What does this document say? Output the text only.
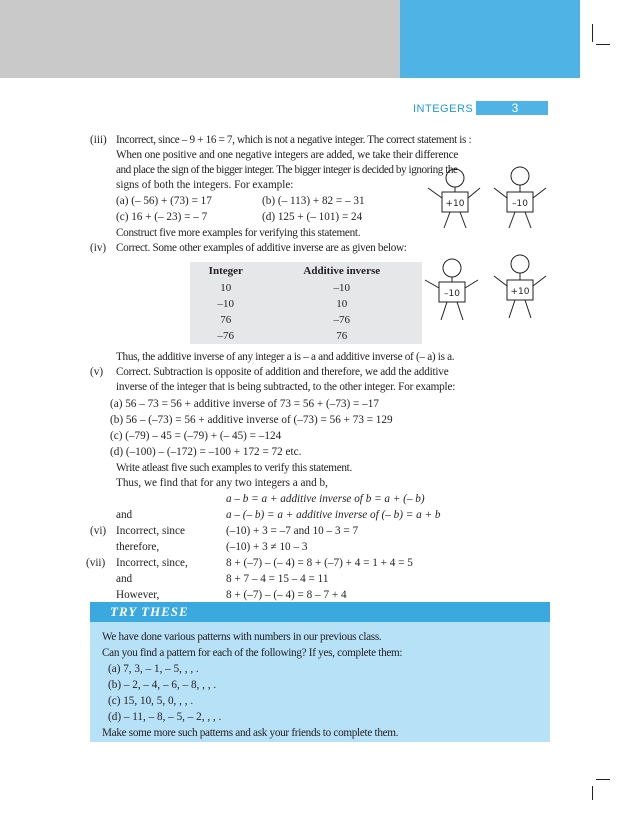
INTEGERS	3
(iii) Incorrect, since – 9 + 16 = 7, which is not a negative integer. The correct statement is :
When one positive and one negative integers are added, we take their difference
and place the sign of the bigger integer. The bigger integer is decided by ignoring the
signs of both the integers. For example:
(a) (– 56) + (73) = 17	(b) (– 113) + 82 = – 31
(c) 16 + (– 23) = – 7	(d) 125 + (– 101) = 24
Construct five more examples for verifying this statement.
(iv) Correct. Some other examples of additive inverse are as given below:
Integer	Additive inverse
10	–10
–10	10
76	–76
–76	76
+10	–10
–10	+10
Thus, the additive inverse of any integer a is – a and additive inverse of (– a) is a.
(v) Correct. Subtraction is opposite of addition and therefore, we add the additive
inverse of the integer that is being subtracted, to the other integer. For example:
(a) 56 – 73 = 56 + additive inverse of 73 = 56 + (–73) = –17
(b) 56 – (–73) = 56 + additive inverse of (–73) = 56 + 73 = 129
(c) (–79) – 45 = (–79) + (– 45) = –124
(d) (–100) – (–172) = –100 + 172 = 72 etc.
Write atleast five such examples to verify this statement.
Thus, we find that for any two integers a and b,
a – b = a + additive inverse of b = a + (– b)
and	a – (– b) = a + additive inverse of (– b) = a + b
(vi) Incorrect, since	(–10) + 3 = –7 and 10 – 3 = 7
therefore,	(–10) + 3 ≠ 10 – 3
(vii) Incorrect, since,	8 + (–7) – (– 4) = 8 + (–7) + 4 = 1 + 4 = 5
and	8 + 7 – 4 = 15 – 4 = 11
However,	8 + (–7) – (– 4) = 8 – 7 + 4
TRY THESE
We have done various patterns with numbers in our previous class.
Can you find a pattern for each of the following? If yes, complete them:
(a) 7, 3, – 1, – 5, , , .
(b) – 2, – 4, – 6, – 8, , , .
(c) 15, 10, 5, 0, , , .
(d) – 11, – 8, – 5, – 2, , , .
Make some more such patterns and ask your friends to complete them.
